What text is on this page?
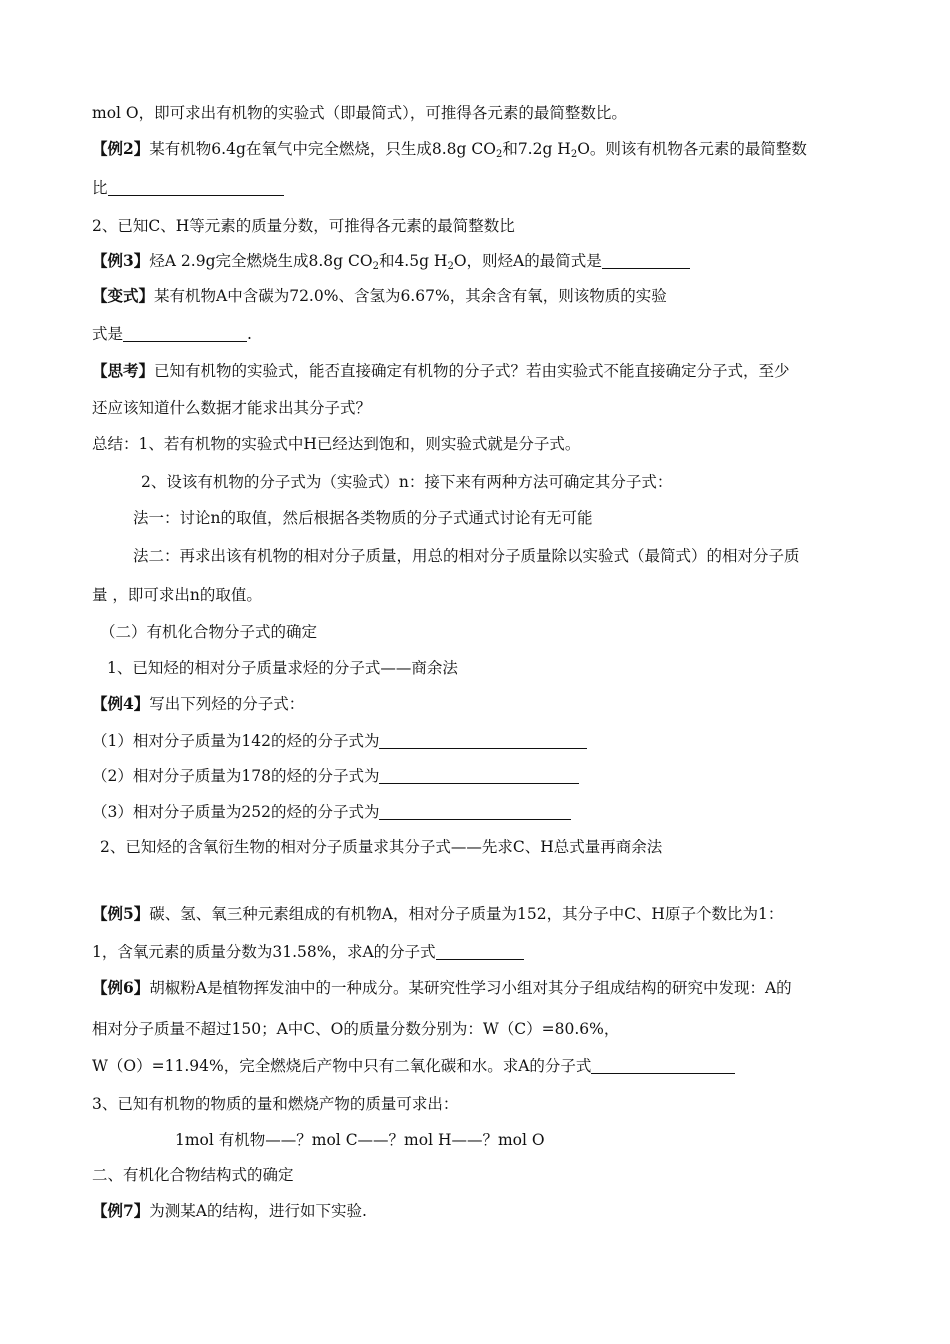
mol O，即可求出有机物的实验式（即最简式），可推得各元素的最简整数比。
【例2】某有机物6.4g在氧气中完全燃烧，只生成8.8g $CO_2$和7.2g $H_2O$。则该有机物各元素的最简整数
比
2、已知C、H等元素的质量分数，可推得各元素的最简整数比
【例3】烃A 2.9g完全燃烧生成8.8g $CO_2$和4.5g $H_2O$，则烃A的最简式是
【变式】某有机物A中含碳为72.0%、含氢为6.67%，其余含有氧，则该物质的实验
式是	.
【思考】已知有机物的实验式，能否直接确定有机物的分子式？若由实验式不能直接确定分子式，至少
还应该知道什么数据才能求出其分子式？
总结：1、若有机物的实验式中H已经达到饱和，则实验式就是分子式。
2、设该有机物的分子式为（实验式）n：接下来有两种方法可确定其分子式：
法一：讨论n的取值，然后根据各类物质的分子式通式讨论有无可能
法二：再求出该有机物的相对分子质量，用总的相对分子质量除以实验式（最简式）的相对分子质
量 ，即可求出n的取值。
（二）有机化合物分子式的确定
1、已知烃的相对分子质量求烃的分子式——商余法
【例4】写出下列烃的分子式：
（1）相对分子质量为142的烃的分子式为
（2）相对分子质量为178的烃的分子式为
（3）相对分子质量为252的烃的分子式为
2、已知烃的含氧衍生物的相对分子质量求其分子式——先求C、H总式量再商余法
【例5】碳、氢、氧三种元素组成的有机物A，相对分子质量为152，其分子中C、H原子个数比为1：
1，含氧元素的质量分数为31.58%，求A的分子式
【例6】胡椒粉A是植物挥发油中的一种成分。某研究性学习小组对其分子组成结构的研究中发现：A的
相对分子质量不超过150；A中C、O的质量分数分别为：W（C）=80.6%，
W（O）=11.94%，完全燃烧后产物中只有二氧化碳和水。求A的分子式
3、已知有机物的物质的量和燃烧产物的质量可求出：
1mol 有机物——？mol C——？mol H——？mol O
二、有机化合物结构式的确定
【例7】为测某A的结构，进行如下实验.
